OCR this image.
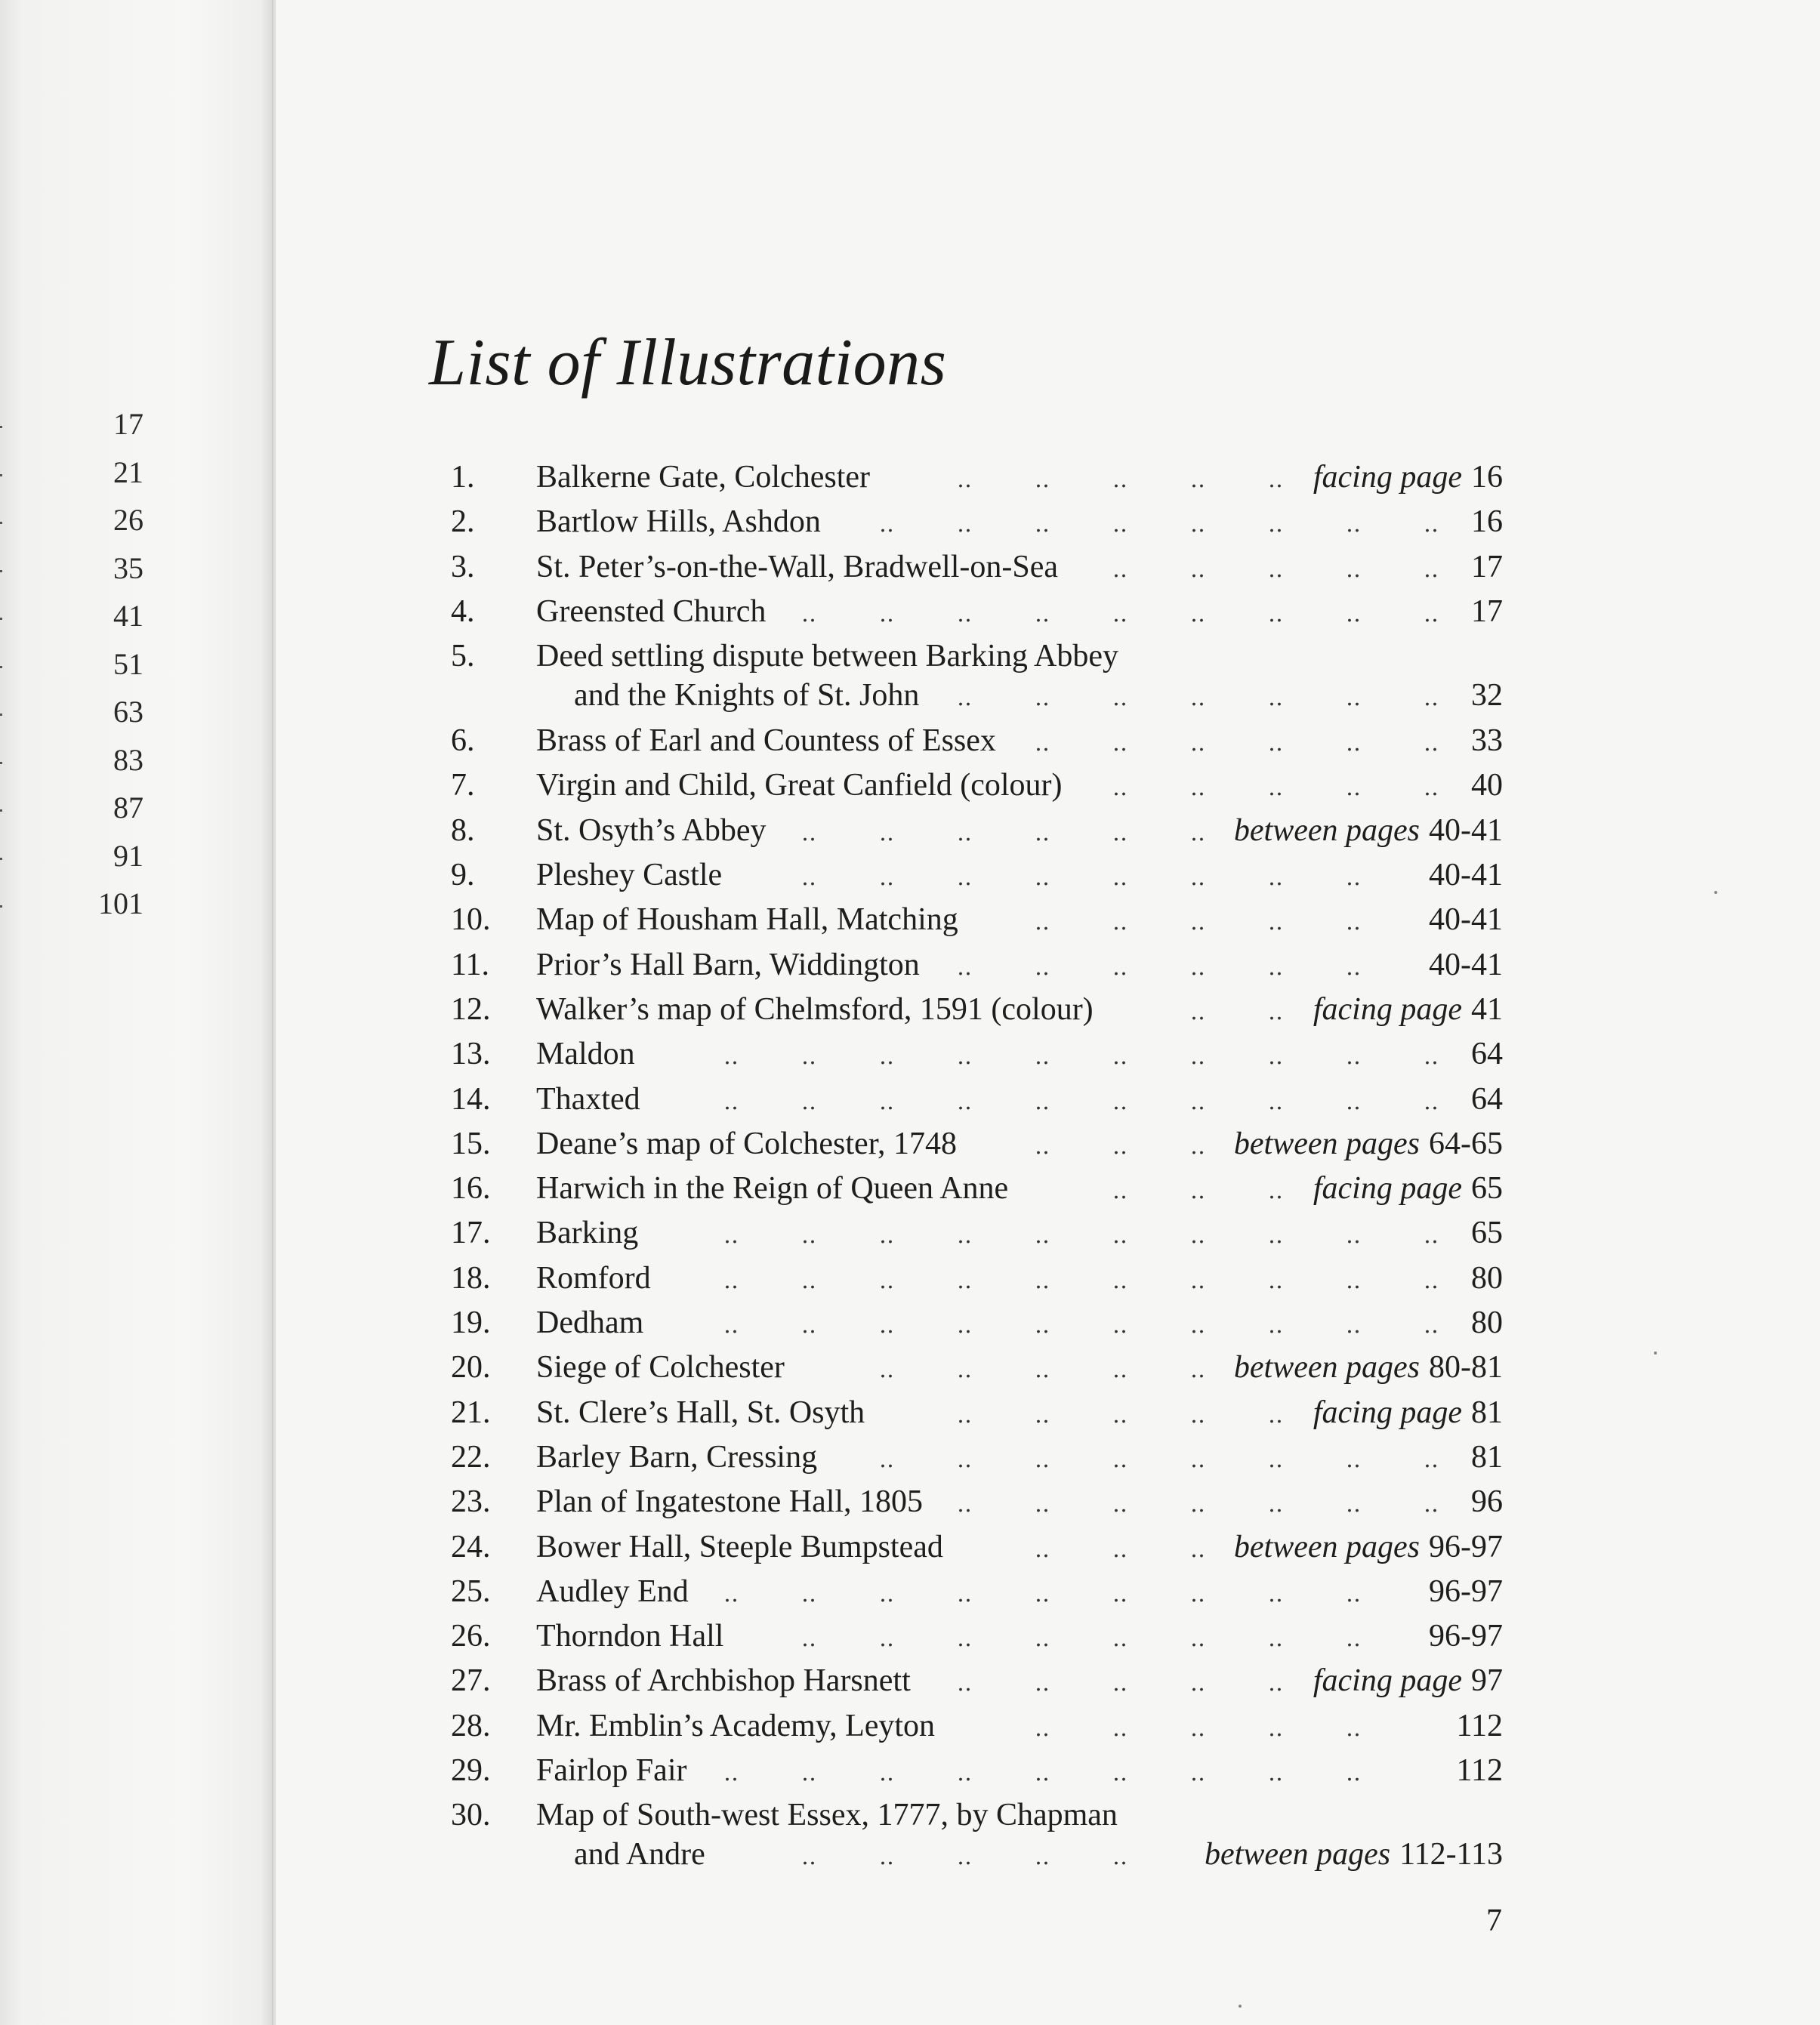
17
21
26
35
41
51
63
83
87
91
101
List of Illustrations
1.	Balkerne Gate, Colchester	facing page 16
‥	‥	‥	‥	‥
2.	Bartlow Hills, Ashdon	16
‥	‥	‥	‥	‥	‥	‥	‥
3.	St. Peter’s-on-the-Wall, Bradwell-on-Sea	17
‥	‥	‥	‥	‥
4.	Greensted Church	17
‥	‥	‥	‥	‥	‥	‥	‥	‥
5.	Deed settling dispute between Barking Abbey
and the Knights of St. John	32
‥	‥	‥	‥	‥	‥	‥
6.	Brass of Earl and Countess of Essex	33
‥	‥	‥	‥	‥	‥
7.	Virgin and Child, Great Canfield (colour)	40
‥	‥	‥	‥	‥
8.	St. Osyth’s Abbey	between pages 40-41
‥	‥	‥	‥	‥	‥
9.	Pleshey Castle	40-41
‥	‥	‥	‥	‥	‥	‥	‥
10.	Map of Housham Hall, Matching	40-41
‥	‥	‥	‥	‥
11.	Prior’s Hall Barn, Widdington	40-41
‥	‥	‥	‥	‥	‥
12.	Walker’s map of Chelmsford, 1591 (colour)	facing page 41
‥	‥
13.	Maldon	64
‥	‥	‥	‥	‥	‥	‥	‥	‥	‥
14.	Thaxted	64
‥	‥	‥	‥	‥	‥	‥	‥	‥	‥
15.	Deane’s map of Colchester, 1748	between pages 64-65
‥	‥	‥
16.	Harwich in the Reign of Queen Anne	facing page 65
‥	‥	‥
17.	Barking	65
‥	‥	‥	‥	‥	‥	‥	‥	‥	‥
18.	Romford	80
‥	‥	‥	‥	‥	‥	‥	‥	‥	‥
19.	Dedham	80
‥	‥	‥	‥	‥	‥	‥	‥	‥	‥
20.	Siege of Colchester	between pages 80-81
‥	‥	‥	‥	‥
21.	St. Clere’s Hall, St. Osyth	facing page 81
‥	‥	‥	‥	‥
22.	Barley Barn, Cressing	81
‥	‥	‥	‥	‥	‥	‥	‥
23.	Plan of Ingatestone Hall, 1805	96
‥	‥	‥	‥	‥	‥	‥
24.	Bower Hall, Steeple Bumpstead	between pages 96-97
‥	‥	‥
25.	Audley End	96-97
‥	‥	‥	‥	‥	‥	‥	‥	‥
26.	Thorndon Hall	96-97
‥	‥	‥	‥	‥	‥	‥	‥
27.	Brass of Archbishop Harsnett	facing page 97
‥	‥	‥	‥	‥
28.	Mr. Emblin’s Academy, Leyton	112
‥	‥	‥	‥	‥
29.	Fairlop Fair	112
‥	‥	‥	‥	‥	‥	‥	‥	‥
30.	Map of South-west Essex, 1777, by Chapman
and Andre	between pages 112-113
‥	‥	‥	‥	‥
7
